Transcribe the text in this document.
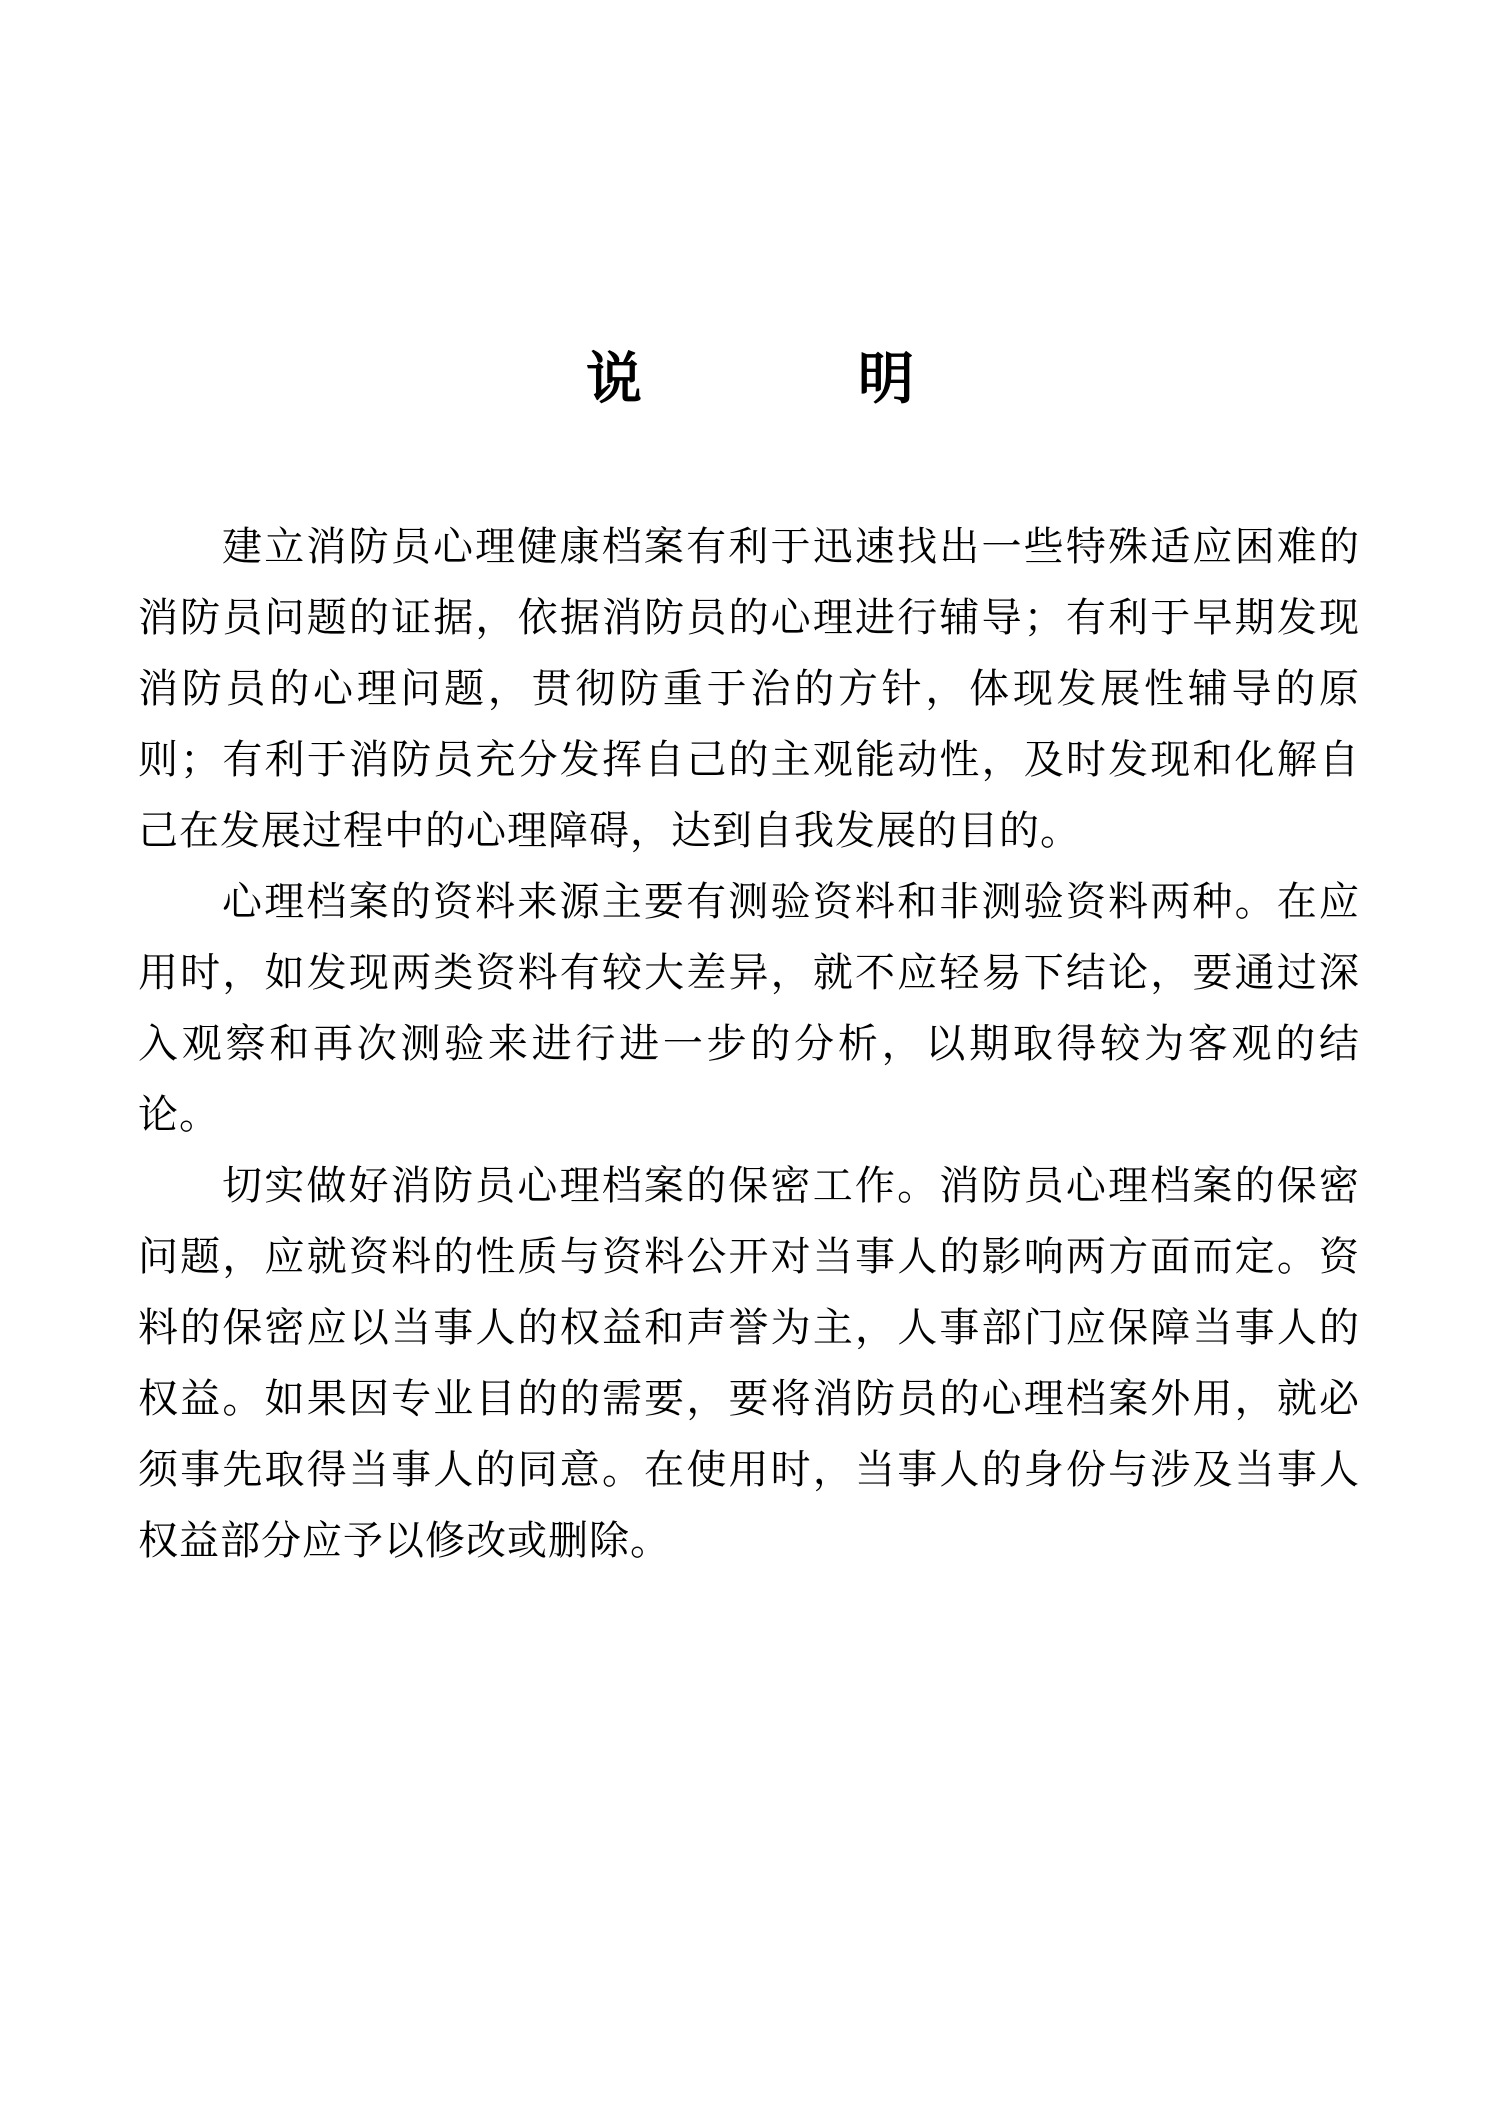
说　明

建立消防员心理健康档案有利于迅速找出一些特殊适应困难的消防员问题的证据，依据消防员的心理进行辅导；有利于早期发现消防员的心理问题，贯彻防重于治的方针，体现发展性辅导的原则；有利于消防员充分发挥自己的主观能动性，及时发现和化解自己在发展过程中的心理障碍，达到自我发展的目的。

心理档案的资料来源主要有测验资料和非测验资料两种。在应用时，如发现两类资料有较大差异，就不应轻易下结论，要通过深入观察和再次测验来进行进一步的分析，以期取得较为客观的结论。

切实做好消防员心理档案的保密工作。消防员心理档案的保密问题，应就资料的性质与资料公开对当事人的影响两方面而定。资料的保密应以当事人的权益和声誉为主，人事部门应保障当事人的权益。如果因专业目的的需要，要将消防员的心理档案外用，就必须事先取得当事人的同意。在使用时，当事人的身份与涉及当事人权益部分应予以修改或删除。
